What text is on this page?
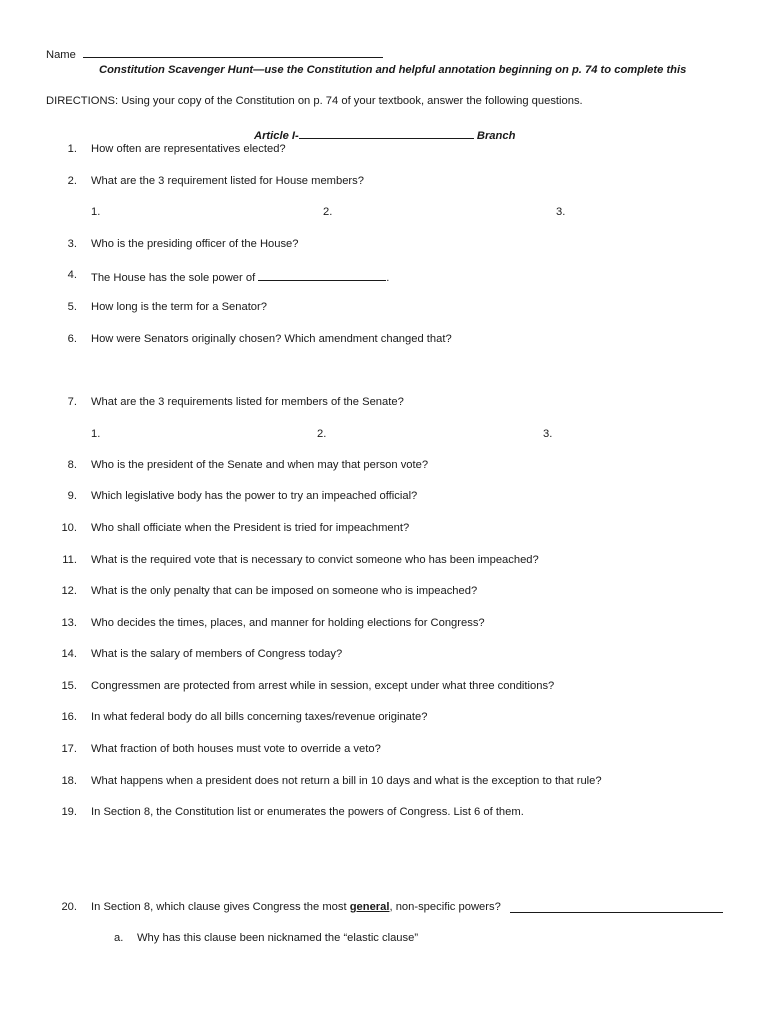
Name
Constitution Scavenger Hunt—use the Constitution and helpful annotation beginning on p. 74 to complete this
DIRECTIONS: Using your copy of the Constitution on p. 74 of your textbook, answer the following questions.
Article I-	Branch
1. How often are representatives elected?
2. What are the 3 requirement listed for House members?
1.	2.	3.
3. Who is the presiding officer of the House?
4. The House has the sole power of	.
5. How long is the term for a Senator?
6. How were Senators originally chosen? Which amendment changed that?
7. What are the 3 requirements listed for members of the Senate?
1.	2.	3.
8. Who is the president of the Senate and when may that person vote?
9. Which legislative body has the power to try an impeached official?
10. Who shall officiate when the President is tried for impeachment?
11. What is the required vote that is necessary to convict someone who has been impeached?
12. What is the only penalty that can be imposed on someone who is impeached?
13. Who decides the times, places, and manner for holding elections for Congress?
14. What is the salary of members of Congress today?
15. Congressmen are protected from arrest while in session, except under what three conditions?
16. In what federal body do all bills concerning taxes/revenue originate?
17. What fraction of both houses must vote to override a veto?
18. What happens when a president does not return a bill in 10 days and what is the exception to that rule?
19. In Section 8, the Constitution list or enumerates the powers of Congress. List 6 of them.
20. In Section 8, which clause gives Congress the most general, non-specific powers?
a. Why has this clause been nicknamed the “elastic clause”
